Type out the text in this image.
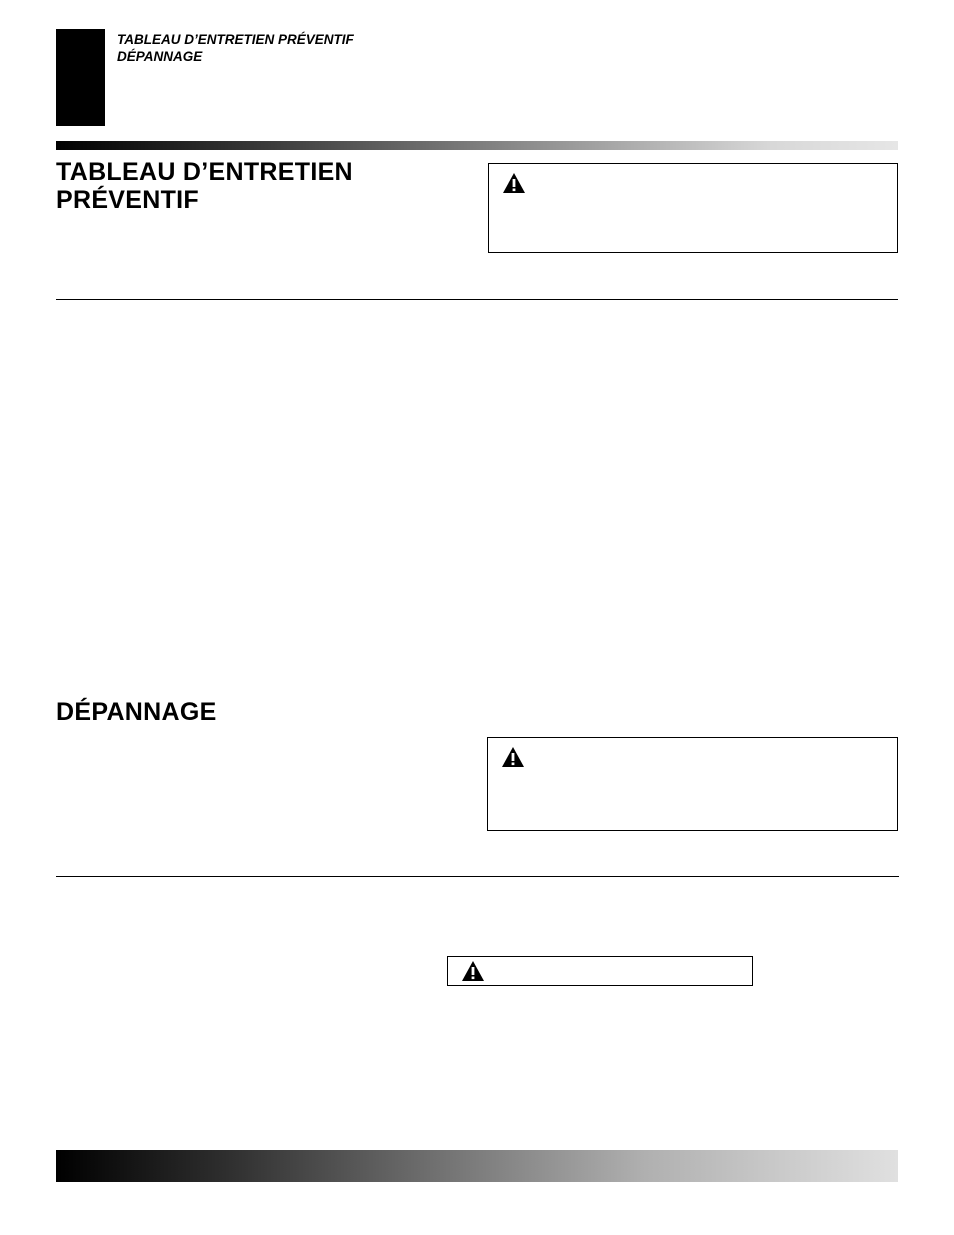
TABLEAU D’ENTRETIEN PRÉVENTIF
DÉPANNAGE
TABLEAU D’ENTRETIEN PRÉVENTIF
DÉPANNAGE
